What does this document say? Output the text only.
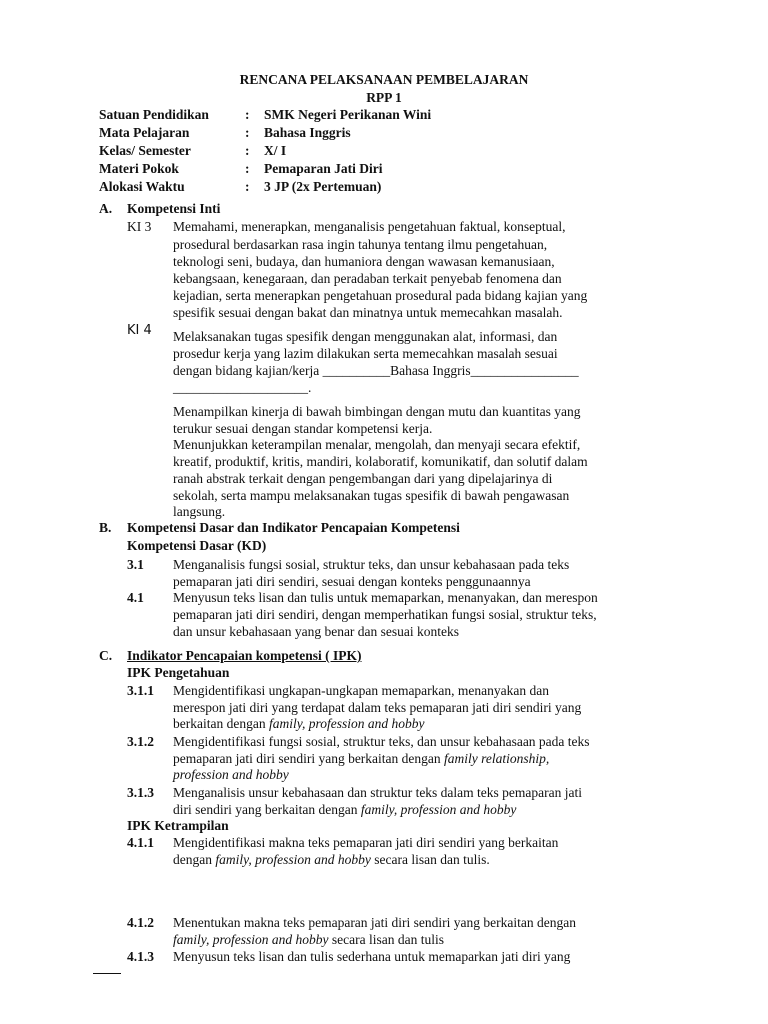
RENCANA PELAKSANAAN PEMBELAJARAN
RPP 1
Satuan Pendidikan	: SMK Negeri Perikanan Wini
Mata Pelajaran	: Bahasa Inggris
Kelas/ Semester	: X/ I
Materi Pokok	: Pemaparan Jati Diri
Alokasi Waktu	: 3 JP (2x Pertemuan)
A. Kompetensi Inti
KI 3 Memahami, menerapkan, menganalisis pengetahuan faktual, konseptual,
prosedural berdasarkan rasa ingin tahunya tentang ilmu pengetahuan,
teknologi seni, budaya, dan humaniora dengan wawasan kemanusiaan,
kebangsaan, kenegaraan, dan peradaban terkait penyebab fenomena dan
kejadian, serta menerapkan pengetahuan prosedural pada bidang kajian yang
spesifik sesuai dengan bakat dan minatnya untuk memecahkan masalah.
KI 4 Melaksanakan tugas spesifik dengan menggunakan alat, informasi, dan
prosedur kerja yang lazim dilakukan serta memecahkan masalah sesuai
dengan bidang kajian/kerja __________Bahasa Inggris________________
____________________.
Menampilkan kinerja di bawah bimbingan dengan mutu dan kuantitas yang
terukur sesuai dengan standar kompetensi kerja.
Menunjukkan keterampilan menalar, mengolah, dan menyaji secara efektif,
kreatif, produktif, kritis, mandiri, kolaboratif, komunikatif, dan solutif dalam
ranah abstrak terkait dengan pengembangan dari yang dipelajarinya di
sekolah, serta mampu melaksanakan tugas spesifik di bawah pengawasan
langsung.
B. Kompetensi Dasar dan Indikator Pencapaian Kompetensi
Kompetensi Dasar (KD)
3.1 Menganalisis fungsi sosial, struktur teks, dan unsur kebahasaan pada teks
pemaparan jati diri sendiri, sesuai dengan konteks penggunaannya
4.1 Menyusun teks lisan dan tulis untuk memaparkan, menanyakan, dan merespon
pemaparan jati diri sendiri, dengan memperhatikan fungsi sosial, struktur teks,
dan unsur kebahasaan yang benar dan sesuai konteks
C. Indikator Pencapaian kompetensi ( IPK)
IPK Pengetahuan
3.1.1 Mengidentifikasi ungkapan-ungkapan memaparkan, menanyakan dan
merespon jati diri yang terdapat dalam teks pemaparan jati diri sendiri yang
berkaitan dengan family, profession and hobby
3.1.2 Mengidentifikasi fungsi sosial, struktur teks, dan unsur kebahasaan pada teks
pemaparan jati diri sendiri yang berkaitan dengan family relationship,
profession and hobby
3.1.3 Menganalisis unsur kebahasaan dan struktur teks dalam teks pemaparan jati
diri sendiri yang berkaitan dengan family, profession and hobby
IPK Ketrampilan
4.1.1 Mengidentifikasi makna teks pemaparan jati diri sendiri yang berkaitan
dengan family, profession and hobby secara lisan dan tulis.
4.1.2 Menentukan makna teks pemaparan jati diri sendiri yang berkaitan dengan
family, profession and hobby secara lisan dan tulis
4.1.3 Menyusun teks lisan dan tulis sederhana untuk memaparkan jati diri yang
